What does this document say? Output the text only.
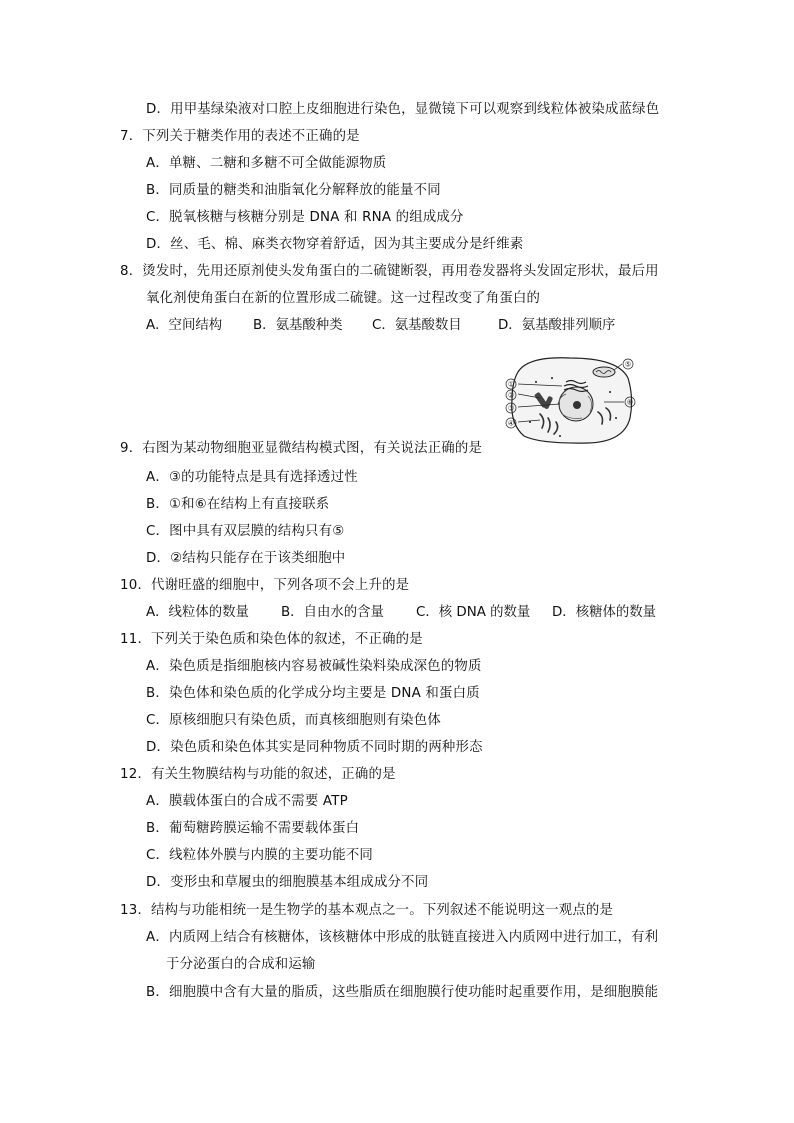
D．用甲基绿染液对口腔上皮细胞进行染色，显微镜下可以观察到线粒体被染成蓝绿色
7．下列关于糖类作用的表述不正确的是
A．单糖、二糖和多糖不可全做能源物质
B．同质量的糖类和油脂氧化分解释放的能量不同
C．脱氧核糖与核糖分别是 DNA 和 RNA 的组成成分
D．丝、毛、棉、麻类衣物穿着舒适，因为其主要成分是纤维素
8．烫发时，先用还原剂使头发角蛋白的二硫键断裂，再用卷发器将头发固定形状，最后用
氧化剂使角蛋白在新的位置形成二硫键。这一过程改变了角蛋白的
A．空间结构 B．氨基酸种类 C．氨基酸数目	D．氨基酸排列顺序
①
②
③
④
⑤
⑥
9．右图为某动物细胞亚显微结构模式图，有关说法正确的是
A．③的功能特点是具有选择透过性
B．①和⑥在结构上有直接联系
C．图中具有双层膜的结构只有⑤
D．②结构只能存在于该类细胞中
10．代谢旺盛的细胞中，下列各项不会上升的是
A．线粒体的数量 B．自由水的含量 C．核 DNA 的数量 D．核糖体的数量
11．下列关于染色质和染色体的叙述，不正确的是
A．染色质是指细胞核内容易被碱性染料染成深色的物质
B．染色体和染色质的化学成分均主要是 DNA 和蛋白质
C．原核细胞只有染色质，而真核细胞则有染色体
D．染色质和染色体其实是同种物质不同时期的两种形态
12．有关生物膜结构与功能的叙述，正确的是
A．膜载体蛋白的合成不需要 ATP
B．葡萄糖跨膜运输不需要载体蛋白
C．线粒体外膜与内膜的主要功能不同
D．变形虫和草履虫的细胞膜基本组成成分不同
13．结构与功能相统一是生物学的基本观点之一。下列叙述不能说明这一观点的是
A．内质网上结合有核糖体，该核糖体中形成的肽链直接进入内质网中进行加工，有利
于分泌蛋白的合成和运输
B．细胞膜中含有大量的脂质，这些脂质在细胞膜行使功能时起重要作用，是细胞膜能
